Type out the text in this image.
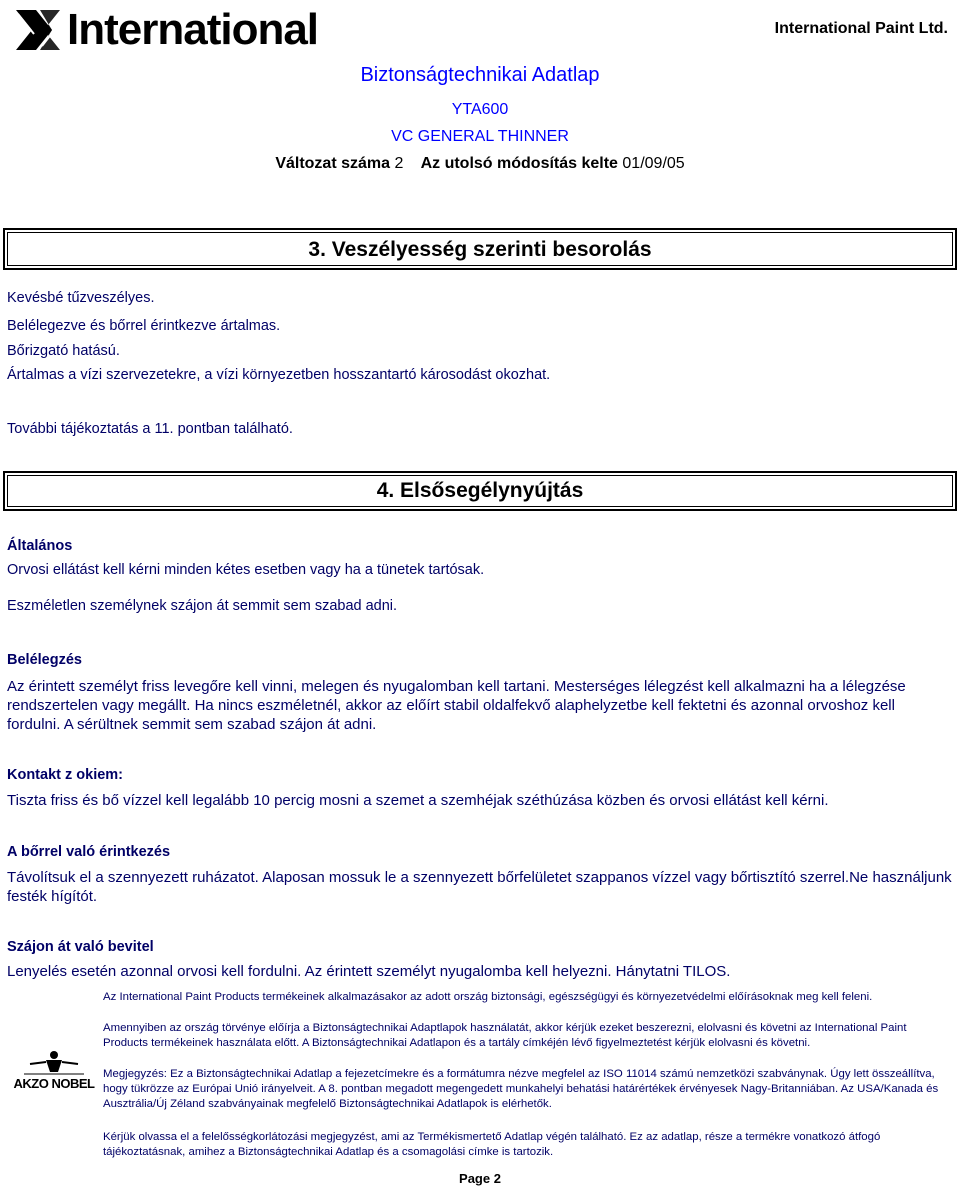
International	International Paint Ltd.
Biztonságtechnikai Adatlap
YTA600
VC GENERAL THINNER
Változat száma 2 Az utolsó módosítás kelte 01/09/05
3. Veszélyesség szerinti besorolás
Kevésbé tűzveszélyes.
Belélegezve és bőrrel érintkezve ártalmas.
Bőrizgató hatású.
Ártalmas a vízi szervezetekre, a vízi környezetben hosszantartó károsodást okozhat.
További tájékoztatás a 11. pontban található.
4. Elsősegélynyújtás
Általános
Orvosi ellátást kell kérni minden kétes esetben vagy ha a tünetek tartósak.
Eszméletlen személynek szájon át semmit sem szabad adni.
Belélegzés
Az érintett személyt friss levegőre kell vinni, melegen és nyugalomban kell tartani. Mesterséges lélegzést kell alkalmazni ha a lélegzése rendszertelen vagy megállt. Ha nincs eszméletnél, akkor az előírt stabil oldalfekvő alaphelyzetbe kell fektetni és azonnal orvoshoz kell fordulni. A sérültnek semmit sem szabad szájon át adni.
Kontakt z okiem:
Tiszta friss és bő vízzel kell legalább 10 percig mosni a szemet a szemhéjak széthúzása közben és orvosi ellátást kell kérni.
A bőrrel való érintkezés
Távolítsuk el a szennyezett ruházatot. Alaposan mossuk le a szennyezett bőrfelületet szappanos vízzel vagy bőrtisztító szerrel.Ne használjunk festék hígítót.
Szájon át való bevitel
Lenyelés esetén azonnal orvosi kell fordulni. Az érintett személyt nyugalomba kell helyezni. Hánytatni TILOS.
AKZO NOBEL
Az International Paint Products termékeinek alkalmazásakor az adott ország biztonsági, egészségügyi és környezetvédelmi előírásoknak meg kell feleni.
Amennyiben az ország törvénye előírja a Biztonságtechnikai Adaptlapok használatát, akkor kérjük ezeket beszerezni, elolvasni és követni az International Paint Products termékeinek használata előtt. A Biztonságtechnikai Adatlapon és a tartály címkéjén lévő figyelmeztetést kérjük elolvasni és követni.
Megjegyzés: Ez a Biztonságtechnikai Adatlap a fejezetcímekre és a formátumra nézve megfelel az ISO 11014 számú nemzetközi szabványnak. Úgy lett összeállítva, hogy tükrözze az Európai Unió irányelveit. A 8. pontban megadott megengedett munkahelyi behatási határértékek érvényesek Nagy-Britanniában. Az USA/Kanada és Ausztrália/Új Zéland szabványainak megfelelő Biztonságtechnikai Adatlapok is elérhetők.
Kérjük olvassa el a felelősségkorlátozási megjegyzést, ami az Termékismertető Adatlap végén található. Ez az adatlap, része a termékre vonatkozó átfogó tájékoztatásnak, amihez a Biztonságtechnikai Adatlap és a csomagolási címke is tartozik.
Page 2
